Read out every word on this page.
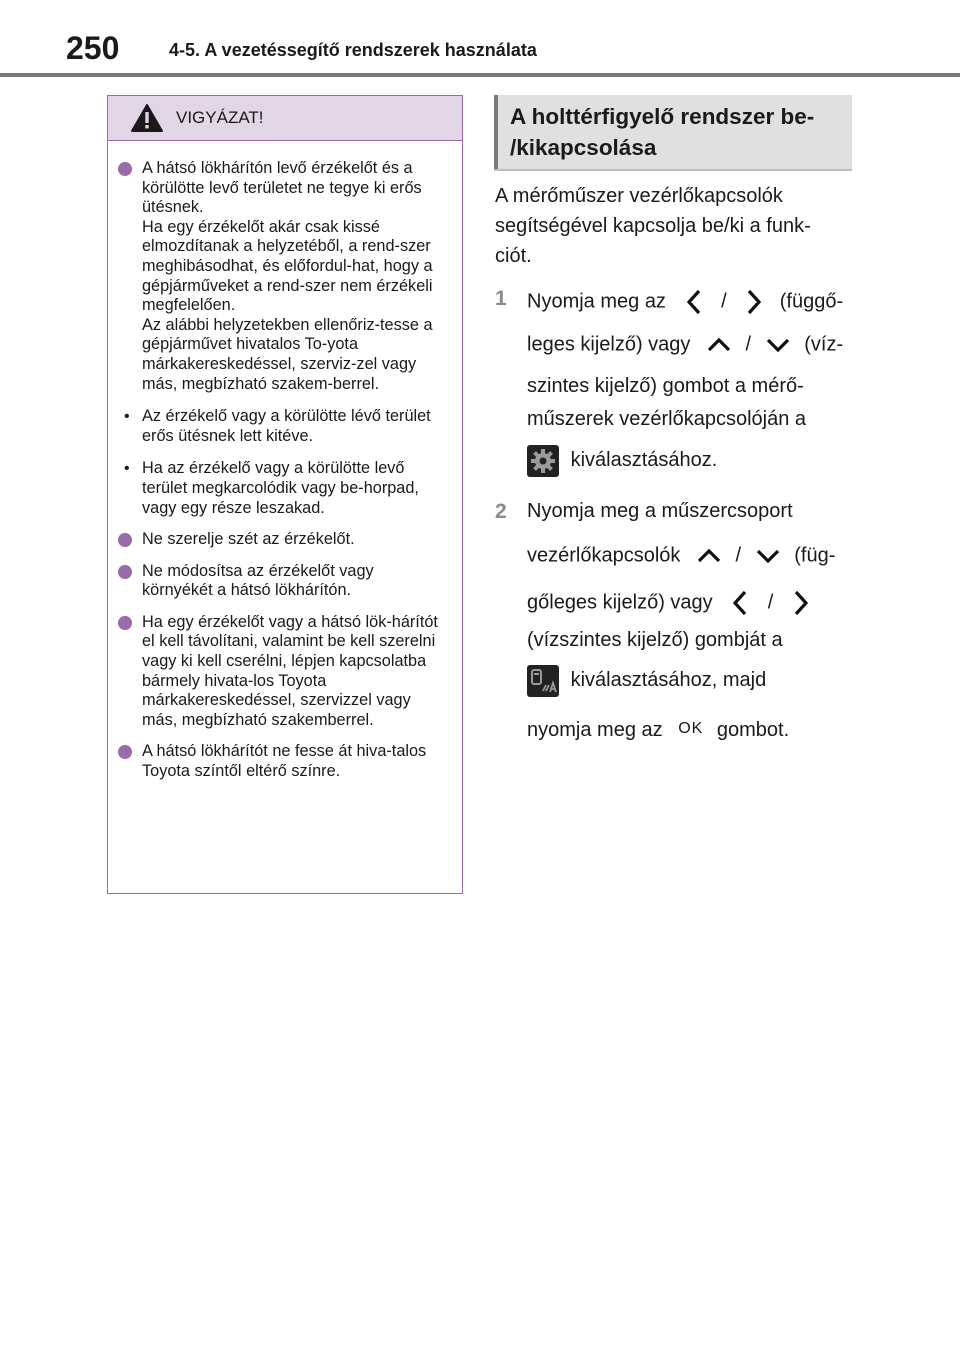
250	4-5. A vezetéssegítő rendszerek használata
VIGYÁZAT!
A hátsó lökhárítón levő érzékelőt és a körülötte levő területet ne tegye ki erős ütésnek.
Ha egy érzékelőt akár csak kissé elmozdítanak a helyzetéből, a rend-szer meghibásodhat, és előfordul-hat, hogy a gépjárműveket a rend-szer nem érzékeli megfelelően.
Az alábbi helyzetekben ellenőriz-tesse a gépjárművet hivatalos To-yota márkakereskedéssel, szerviz-zel vagy más, megbízható szakem-berrel.
• Az érzékelő vagy a körülötte lévő terület erős ütésnek lett kitéve.
• Ha az érzékelő vagy a körülötte levő terület megkarcolódik vagy be-horpad, vagy egy része leszakad.
Ne szerelje szét az érzékelőt.
Ne módosítsa az érzékelőt vagy környékét a hátsó lökhárítón.
Ha egy érzékelőt vagy a hátsó lök-hárítót el kell távolítani, valamint be kell szerelni vagy ki kell cserélni, lépjen kapcsolatba bármely hivata-los Toyota márkakereskedéssel, szervizzel vagy más, megbízható szakemberrel.
A hátsó lökhárítót ne fesse át hiva-talos Toyota színtől eltérő színre.
A holttérfigyelő rendszer be-
/kikapcsolása
A mérőműszer vezérlőkapcsolók
segítségével kapcsolja be/ki a funk-
ciót.
1 Nyomja meg az	/	(függő-
leges kijelző) vagy	/	(víz-
szintes kijelző) gombot a mérő-
műszerek vezérlőkapcsolóján a
kiválasztásához.
2 Nyomja meg a műszercsoport
vezérlőkapcsolók	/	(füg-
gőleges kijelző) vagy	/
(vízszintes kijelző) gombját a
kiválasztásához, majd
nyomja meg az OK gombot.
